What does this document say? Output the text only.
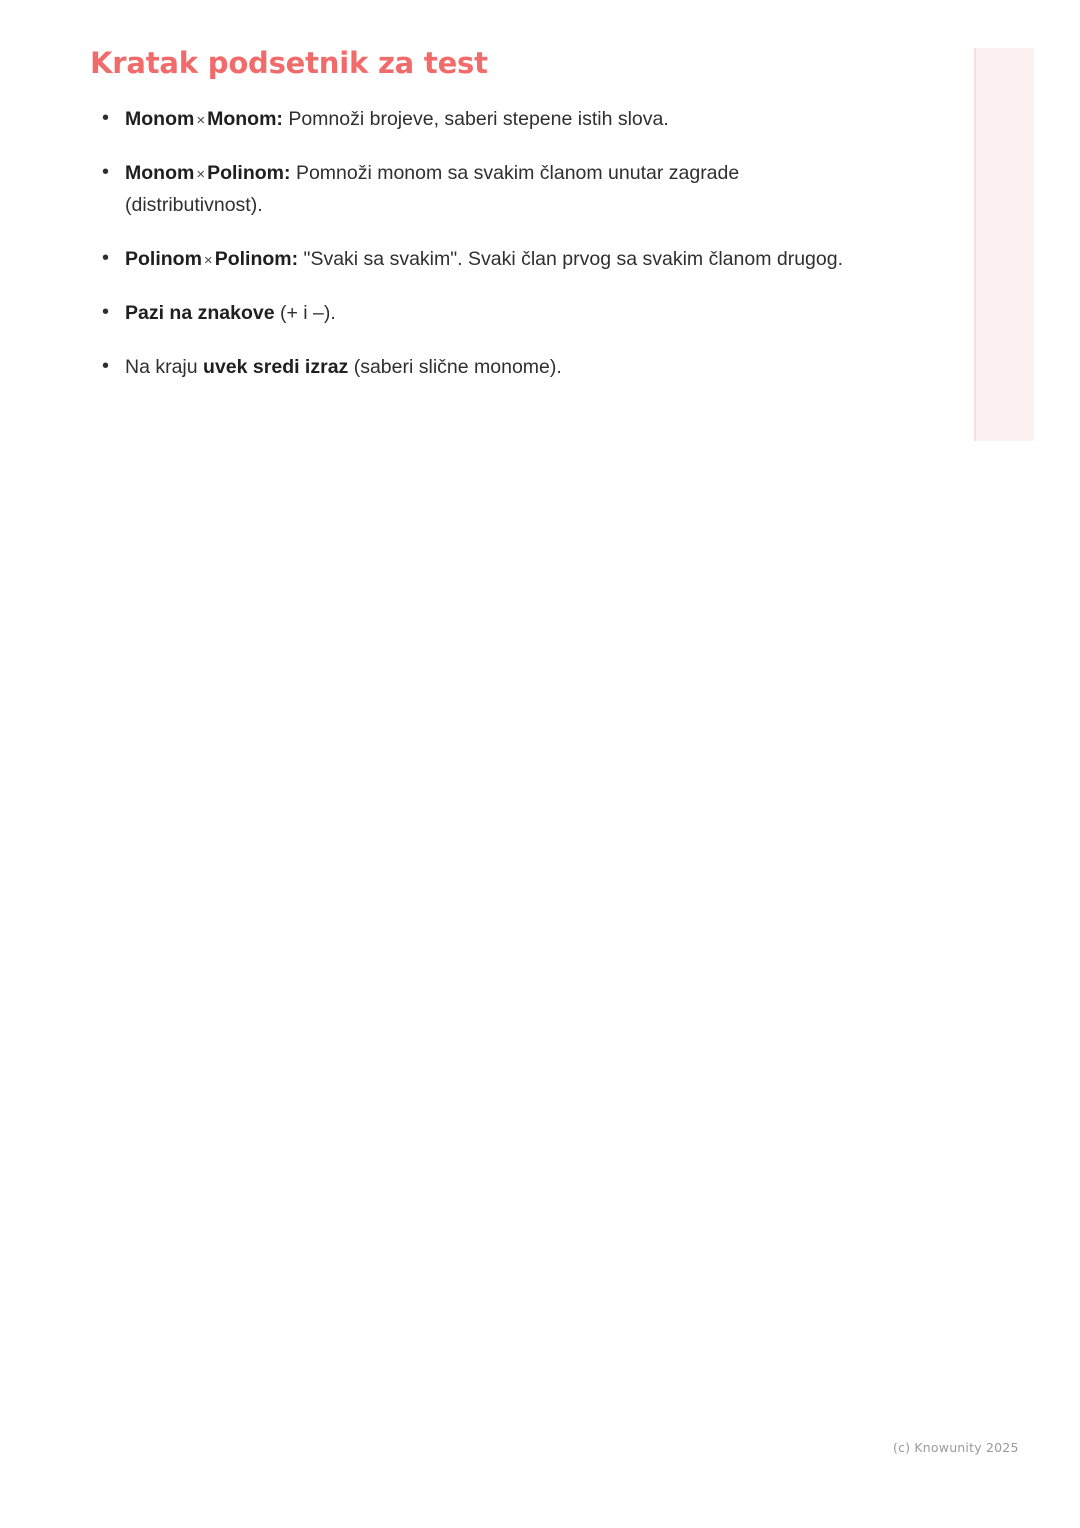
Kratak podsetnik za test
• Monom × Monom: Pomnoži brojeve, saberi stepene istih slova.
• Monom × Polinom: Pomnoži monom sa svakim članom unutar zagrade (distributivnost).
• Polinom × Polinom: "Svaki sa svakim". Svaki član prvog sa svakim članom drugog.
• Pazi na znakove (+ i –).
• Na kraju uvek sredi izraz (saberi slične monome).
(c) Knowunity 2025
